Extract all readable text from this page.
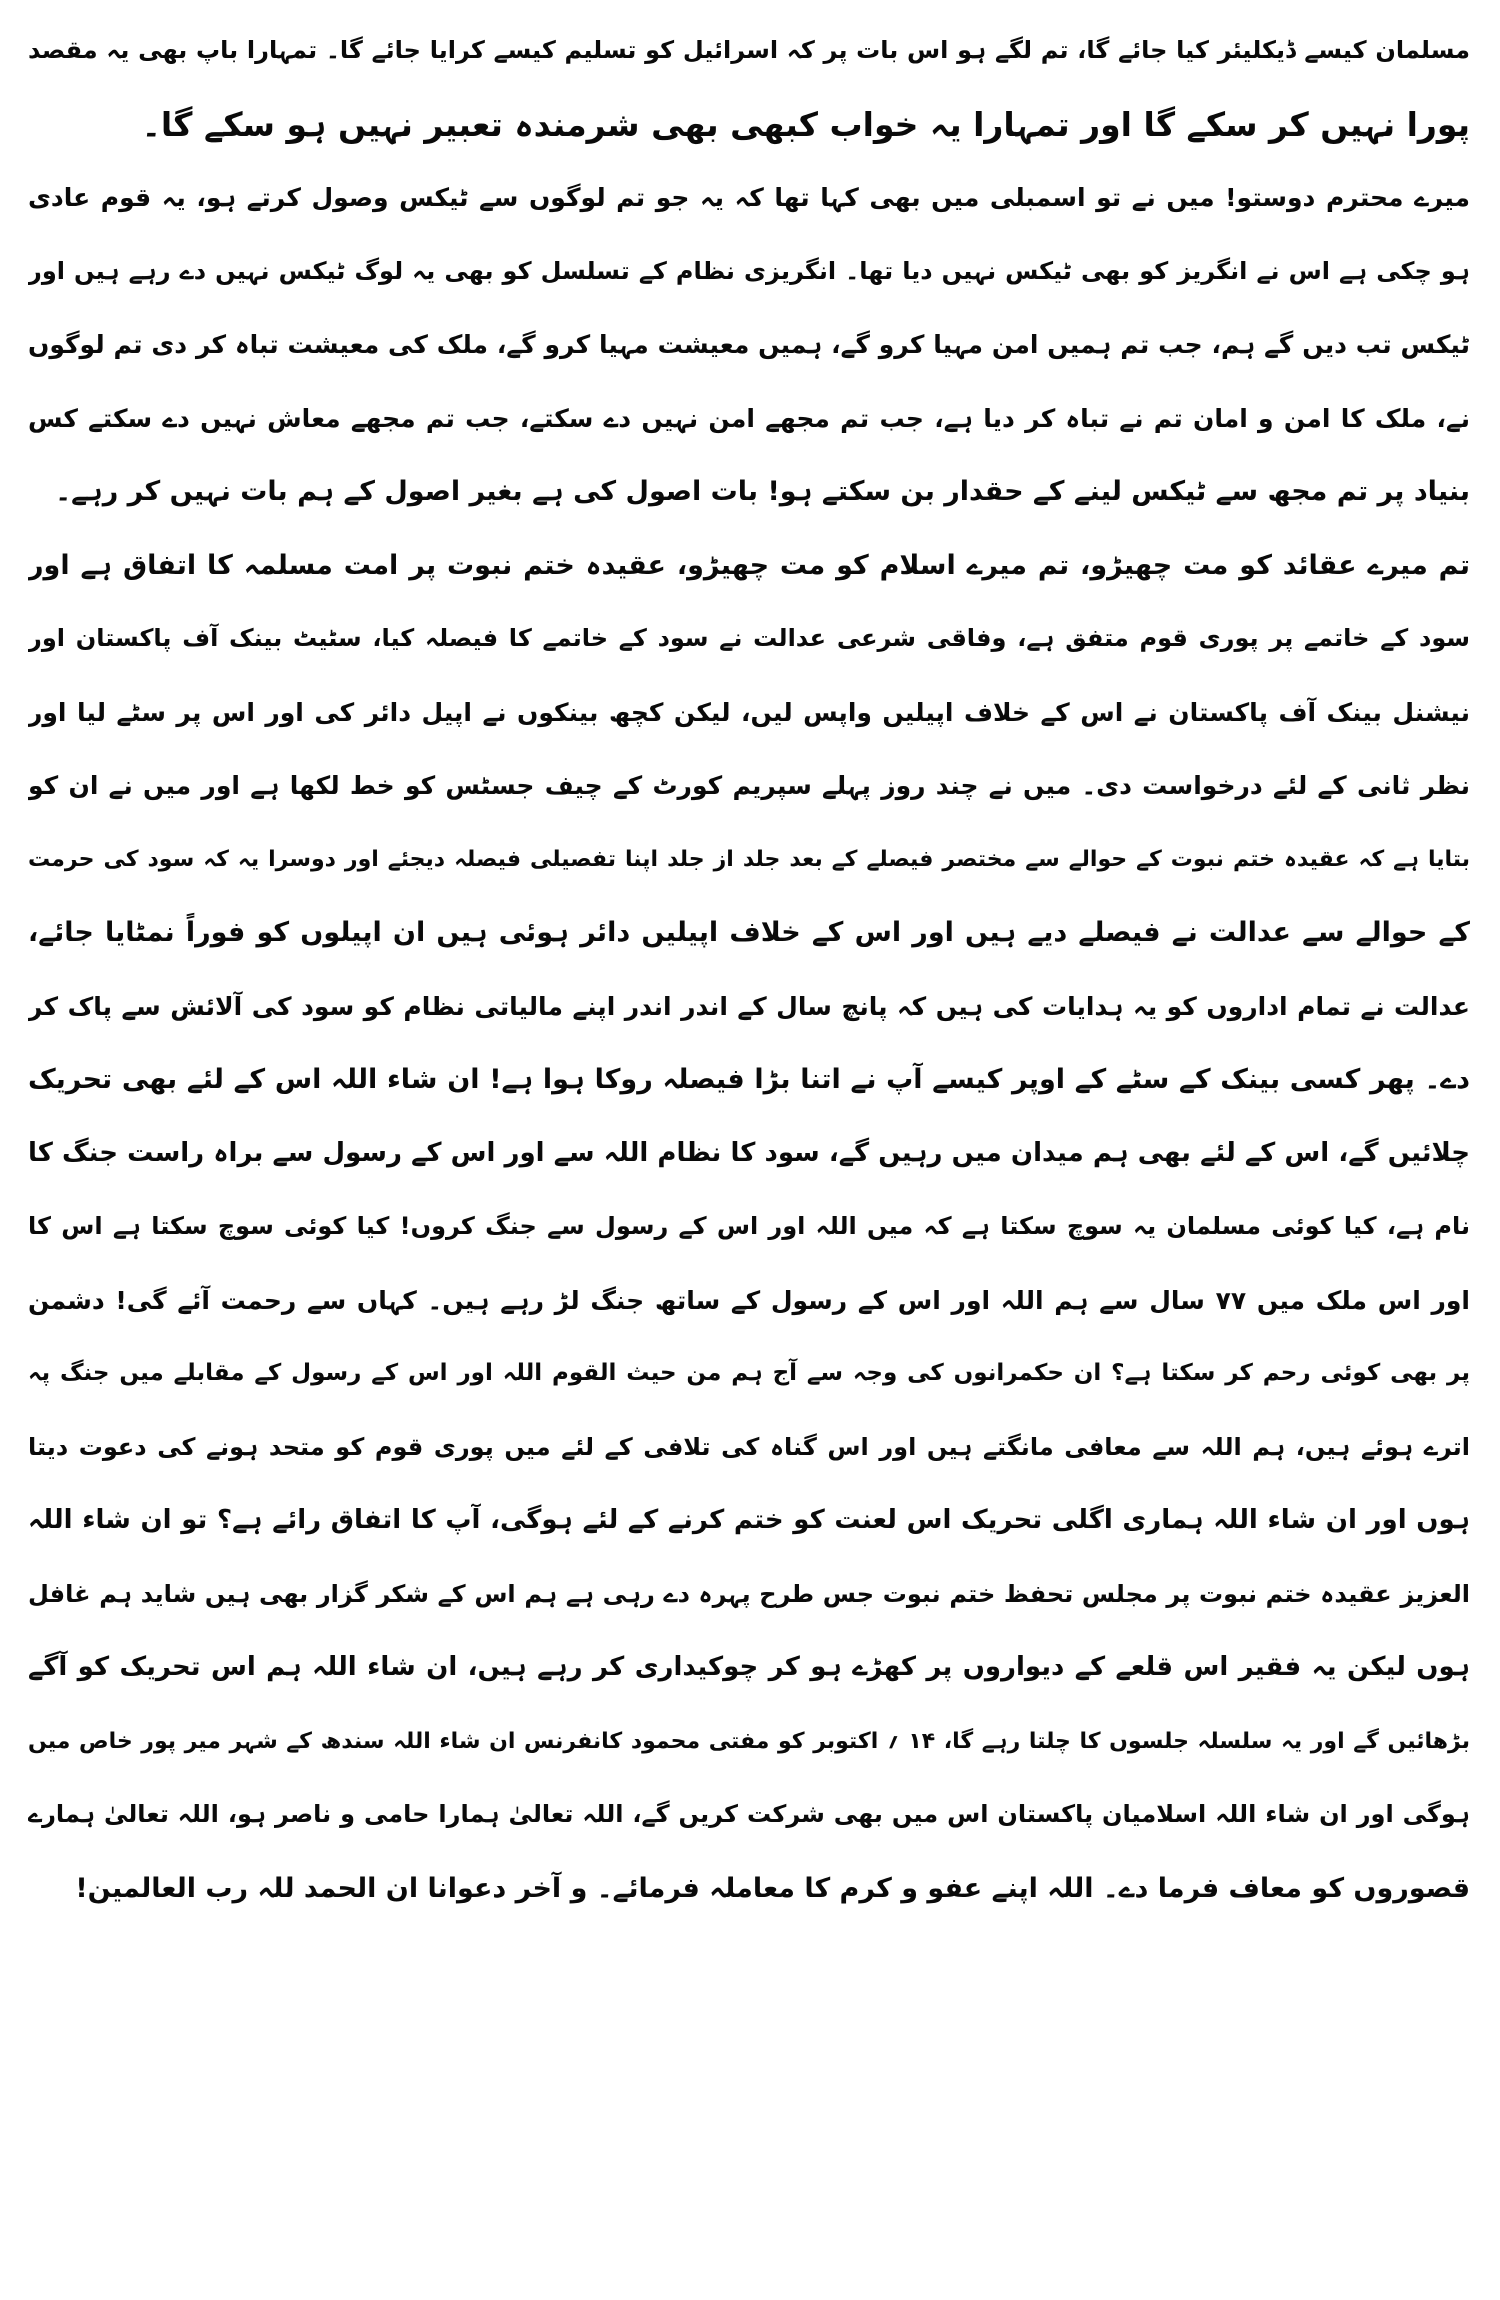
مسلمان کیسے ڈیکلیئر کیا جائے گا، تم لگے ہو اس بات پر کہ اسرائیل کو تسلیم کیسے کرایا جائے گا۔ تمہارا باپ بھی یہ مقصد
پورا نہیں کر سکے گا اور تمہارا یہ خواب کبھی بھی شرمندہ تعبیر نہیں ہو سکے گا۔
میرے محترم دوستو! میں نے تو اسمبلی میں بھی کہا تھا کہ یہ جو تم لوگوں سے ٹیکس وصول کرتے ہو، یہ قوم عادی
ہو چکی ہے اس نے انگریز کو بھی ٹیکس نہیں دیا تھا۔ انگریزی نظام کے تسلسل کو بھی یہ لوگ ٹیکس نہیں دے رہے ہیں اور
ٹیکس تب دیں گے ہم، جب تم ہمیں امن مہیا کرو گے، ہمیں معیشت مہیا کرو گے، ملک کی معیشت تباہ کر دی تم لوگوں
نے، ملک کا امن و امان تم نے تباہ کر دیا ہے، جب تم مجھے امن نہیں دے سکتے، جب تم مجھے معاش نہیں دے سکتے کس
بنیاد پر تم مجھ سے ٹیکس لینے کے حقدار بن سکتے ہو! بات اصول کی ہے بغیر اصول کے ہم بات نہیں کر رہے۔
تم میرے عقائد کو مت چھیڑو، تم میرے اسلام کو مت چھیڑو، عقیدہ ختم نبوت پر امت مسلمہ کا اتفاق ہے اور
سود کے خاتمے پر پوری قوم متفق ہے، وفاقی شرعی عدالت نے سود کے خاتمے کا فیصلہ کیا، سٹیٹ بینک آف پاکستان اور
نیشنل بینک آف پاکستان نے اس کے خلاف اپیلیں واپس لیں، لیکن کچھ بینکوں نے اپیل دائر کی اور اس پر سٹے لیا اور
نظر ثانی کے لئے درخواست دی۔ میں نے چند روز پہلے سپریم کورٹ کے چیف جسٹس کو خط لکھا ہے اور میں نے ان کو
بتایا ہے کہ عقیدہ ختم نبوت کے حوالے سے مختصر فیصلے کے بعد جلد از جلد اپنا تفصیلی فیصلہ دیجئے اور دوسرا یہ کہ سود کی حرمت
کے حوالے سے عدالت نے فیصلے دیے ہیں اور اس کے خلاف اپیلیں دائر ہوئی ہیں ان اپیلوں کو فوراً نمٹایا جائے،
عدالت نے تمام اداروں کو یہ ہدایات کی ہیں کہ پانچ سال کے اندر اندر اپنے مالیاتی نظام کو سود کی آلائش سے پاک کر
دے۔ پھر کسی بینک کے سٹے کے اوپر کیسے آپ نے اتنا بڑا فیصلہ روکا ہوا ہے! ان شاء اللہ اس کے لئے بھی تحریک
چلائیں گے، اس کے لئے بھی ہم میدان میں رہیں گے، سود کا نظام اللہ سے اور اس کے رسول سے براہ راست جنگ کا
نام ہے، کیا کوئی مسلمان یہ سوچ سکتا ہے کہ میں اللہ اور اس کے رسول سے جنگ کروں! کیا کوئی سوچ سکتا ہے اس کا
اور اس ملک میں ۷۷ سال سے ہم اللہ اور اس کے رسول کے ساتھ جنگ لڑ رہے ہیں۔ کہاں سے رحمت آئے گی! دشمن
پر بھی کوئی رحم کر سکتا ہے؟ ان حکمرانوں کی وجہ سے آج ہم من حیث القوم اللہ اور اس کے رسول کے مقابلے میں جنگ پہ
اترے ہوئے ہیں، ہم اللہ سے معافی مانگتے ہیں اور اس گناہ کی تلافی کے لئے میں پوری قوم کو متحد ہونے کی دعوت دیتا
ہوں اور ان شاء اللہ ہماری اگلی تحریک اس لعنت کو ختم کرنے کے لئے ہوگی، آپ کا اتفاق رائے ہے؟ تو ان شاء اللہ
العزیز عقیدہ ختم نبوت پر مجلس تحفظ ختم نبوت جس طرح پہرہ دے رہی ہے ہم اس کے شکر گزار بھی ہیں شاید ہم غافل
ہوں لیکن یہ فقیر اس قلعے کے دیواروں پر کھڑے ہو کر چوکیداری کر رہے ہیں، ان شاء اللہ ہم اس تحریک کو آگے
بڑھائیں گے اور یہ سلسلہ جلسوں کا چلتا رہے گا، ۱۴ ؍ اکتوبر کو مفتی محمود کانفرنس ان شاء اللہ سندھ کے شہر میر پور خاص میں
ہوگی اور ان شاء اللہ اسلامیان پاکستان اس میں بھی شرکت کریں گے، اللہ تعالیٰ ہمارا حامی و ناصر ہو، اللہ تعالیٰ ہمارے
قصوروں کو معاف فرما دے۔ اللہ اپنے عفو و کرم کا معاملہ فرمائے۔ و آخر دعوانا ان الحمد للہ رب العالمین!
